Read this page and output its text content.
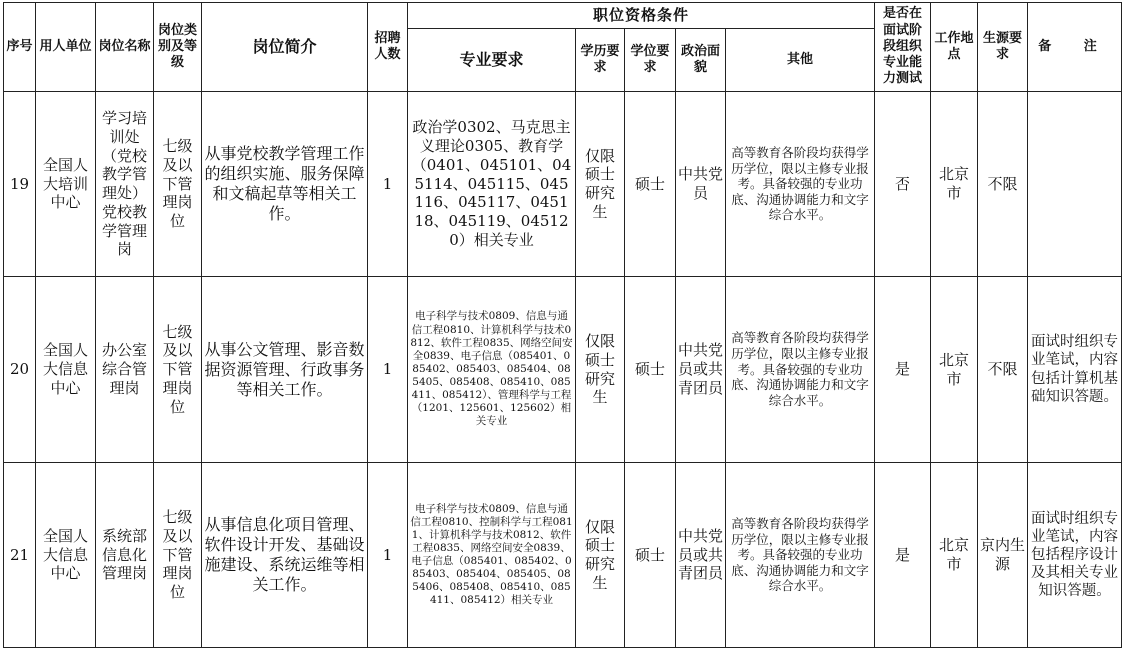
序号	用人单位	岗位名称	岗位类别及等级	岗位简介	招聘人数	职位资格条件					是否在面试阶段组织专业能力测试	工作地点	生源要求	备 注
						专业要求	学历要求	学位要求	政治面貌	其他				
19	全国人大培训中心	学习培训处（党校教学管理处）党校教学管理岗	七级及以下管理岗位	从事党校教学管理工作的组织实施、服务保障和文稿起草等相关工作。	1	政治学0302、马克思主义理论0305、教育学（0401、045101、045114、045115、045116、045117、045118、045119、045120）相关专业	仅限硕士研究生	硕士	中共党员	高等教育各阶段均获得学历学位，限以主修专业报考。具备较强的专业功底、沟通协调能力和文字综合水平。	否	北京市	不限	
20	全国人大信息中心	办公室综合管理岗	七级及以下管理岗位	从事公文管理、影音数据资源管理、行政事务等相关工作。	1	电子科学与技术0809、信息与通信工程0810、计算机科学与技术0812、软件工程0835、网络空间安全0839、电子信息（085401、085402、085403、085404、085405、085408、085410、085411、085412）、管理科学与工程（1201、125601、125602）相关专业	仅限硕士研究生	硕士	中共党员或共青团员	高等教育各阶段均获得学历学位，限以主修专业报考。具备较强的专业功底、沟通协调能力和文字综合水平。	是	北京市	不限	面试时组织专业笔试，内容包括计算机基础知识答题。
21	全国人大信息中心	系统部信息化管理岗	七级及以下管理岗位	从事信息化项目管理、软件设计开发、基础设施建设、系统运维等相关工作。	1	电子科学与技术0809、信息与通信工程0810、控制科学与工程0811、计算机科学与技术0812、软件工程0835、网络空间安全0839、电子信息（085401、085402、085403、085404、085405、085406、085408、085410、085411、085412）相关专业	仅限硕士研究生	硕士	中共党员或共青团员	高等教育各阶段均获得学历学位，限以主修专业报考。具备较强的专业功底、沟通协调能力和文字综合水平。	是	北京市	京内生源	面试时组织专业笔试，内容包括程序设计及其相关专业知识答题。
